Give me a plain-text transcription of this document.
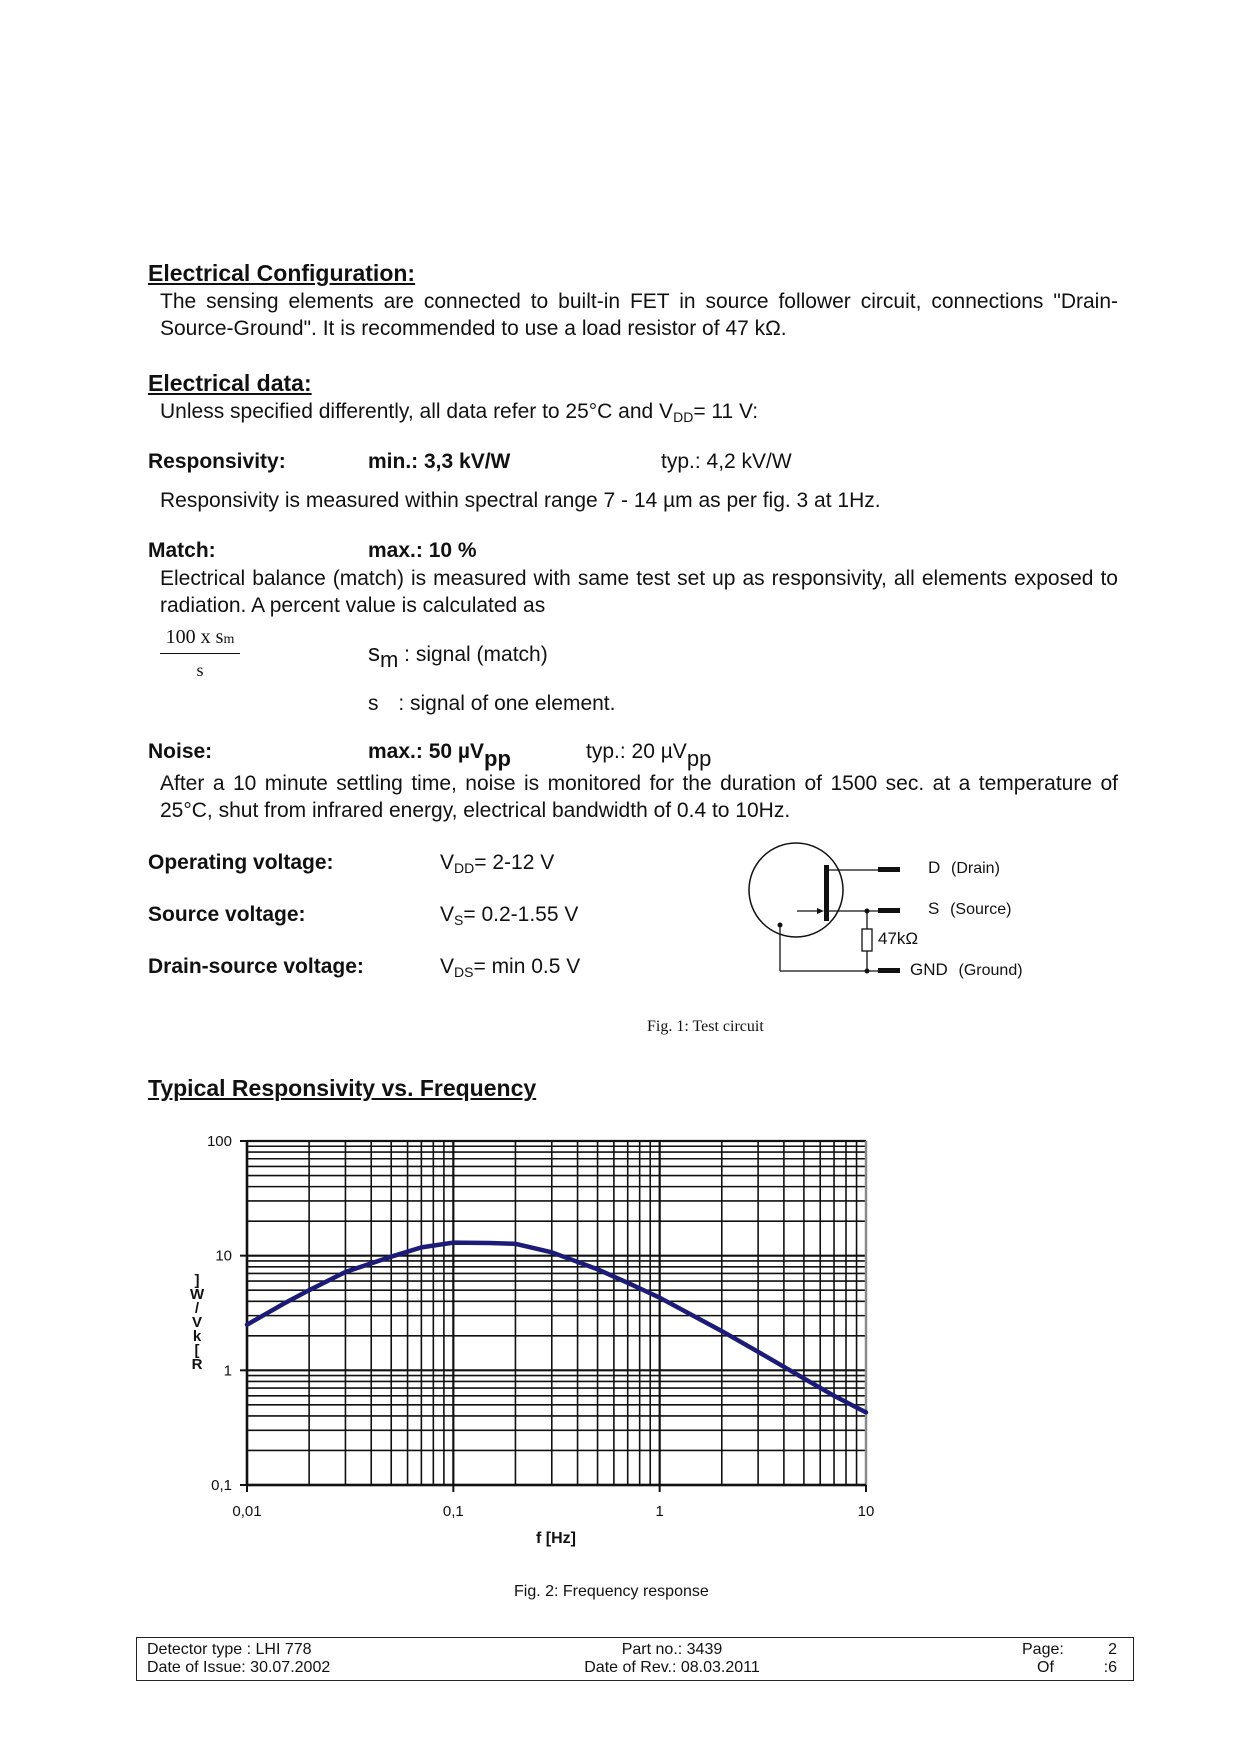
Electrical Configuration:
The sensing elements are connected to built-in FET in source follower circuit, connections "Drain-Source-Ground". It is recommended to use a load resistor of 47 kΩ.
Electrical data:
Unless specified differently, all data refer to 25°C and $V_{DD}= 11$ V:
Responsivity:	min.: 3,3 kV/W	typ.: 4,2 kV/W
Responsivity is measured within spectral range 7 - 14 µm as per fig. 3 at 1Hz.
Match:	max.: 10 %
Electrical balance (match) is measured with same test set up as responsivity, all elements exposed to radiation. A percent value is calculated as
100 x sm
s
$s_m$ : signal (match)
s : signal of one element.
Noise:	max.: 50 µV$_{pp}$	typ.: 20 µV$_{pp}$
After a 10 minute settling time, noise is monitored for the duration of 1500 sec. at a temperature of 25°C, shut from infrared energy, electrical bandwidth of 0.4 to 10Hz.
Operating voltage:	$V_{DD}= 2-12$ V
Source voltage:	$V_S= 0.2-1.55$ V
Drain-source voltage:	$V_{DS}= \min 0.5$ V
D (Drain)
S (Source)
47kΩ
GND (Ground)
Fig. 1: Test circuit
Typical Responsivity vs. Frequency
0,01	0,1	1	10
100
10
1
0,1
f [Hz]
]
W
/
V
k
[
R
Fig. 2: Frequency response
Detector type : LHI 778
Date of Issue: 30.07.2002
Part no.: 3439
Date of Rev.: 08.03.2011
Page:	2
Of	:6
